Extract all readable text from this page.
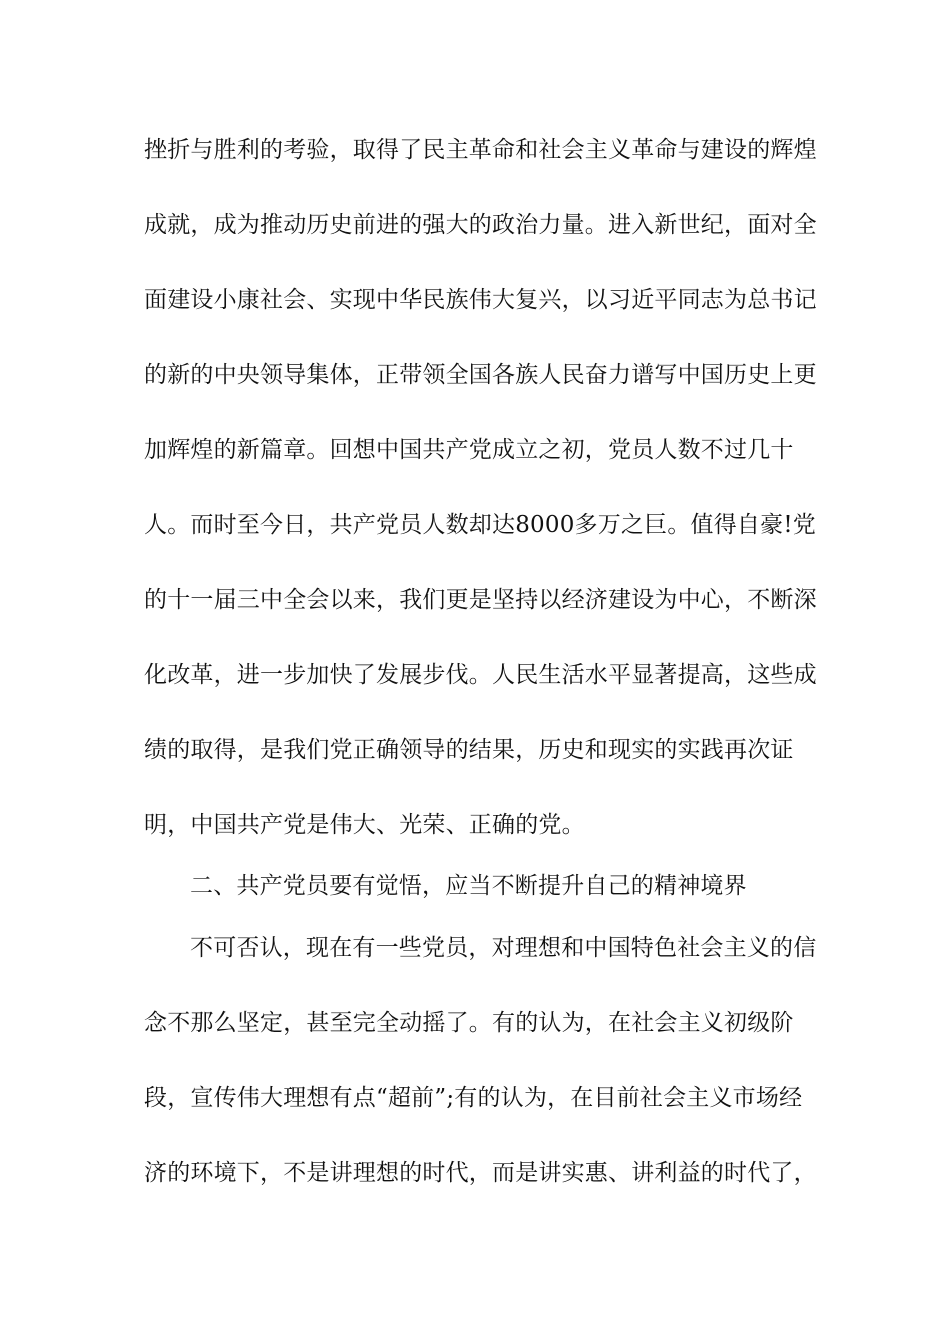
挫折与胜利的考验，取得了民主革命和社会主义革命与建设的辉煌
成就，成为推动历史前进的强大的政治力量。进入新世纪，面对全
面建设小康社会、实现中华民族伟大复兴，以习近平同志为总书记
的新的中央领导集体，正带领全国各族人民奋力谱写中国历史上更
加辉煌的新篇章。回想中国共产党成立之初，党员人数不过几十
人。而时至今日，共产党员人数却达8000多万之巨。值得自豪!党
的十一届三中全会以来，我们更是坚持以经济建设为中心，不断深
化改革，进一步加快了发展步伐。人民生活水平显著提高，这些成
绩的取得，是我们党正确领导的结果，历史和现实的实践再次证
明，中国共产党是伟大、光荣、正确的党。
二、共产党员要有觉悟，应当不断提升自己的精神境界
不可否认，现在有一些党员，对理想和中国特色社会主义的信
念不那么坚定，甚至完全动摇了。有的认为，在社会主义初级阶
段，宣传伟大理想有点“超前”;有的认为，在目前社会主义市场经
济的环境下，不是讲理想的时代，而是讲实惠、讲利益的时代了，
